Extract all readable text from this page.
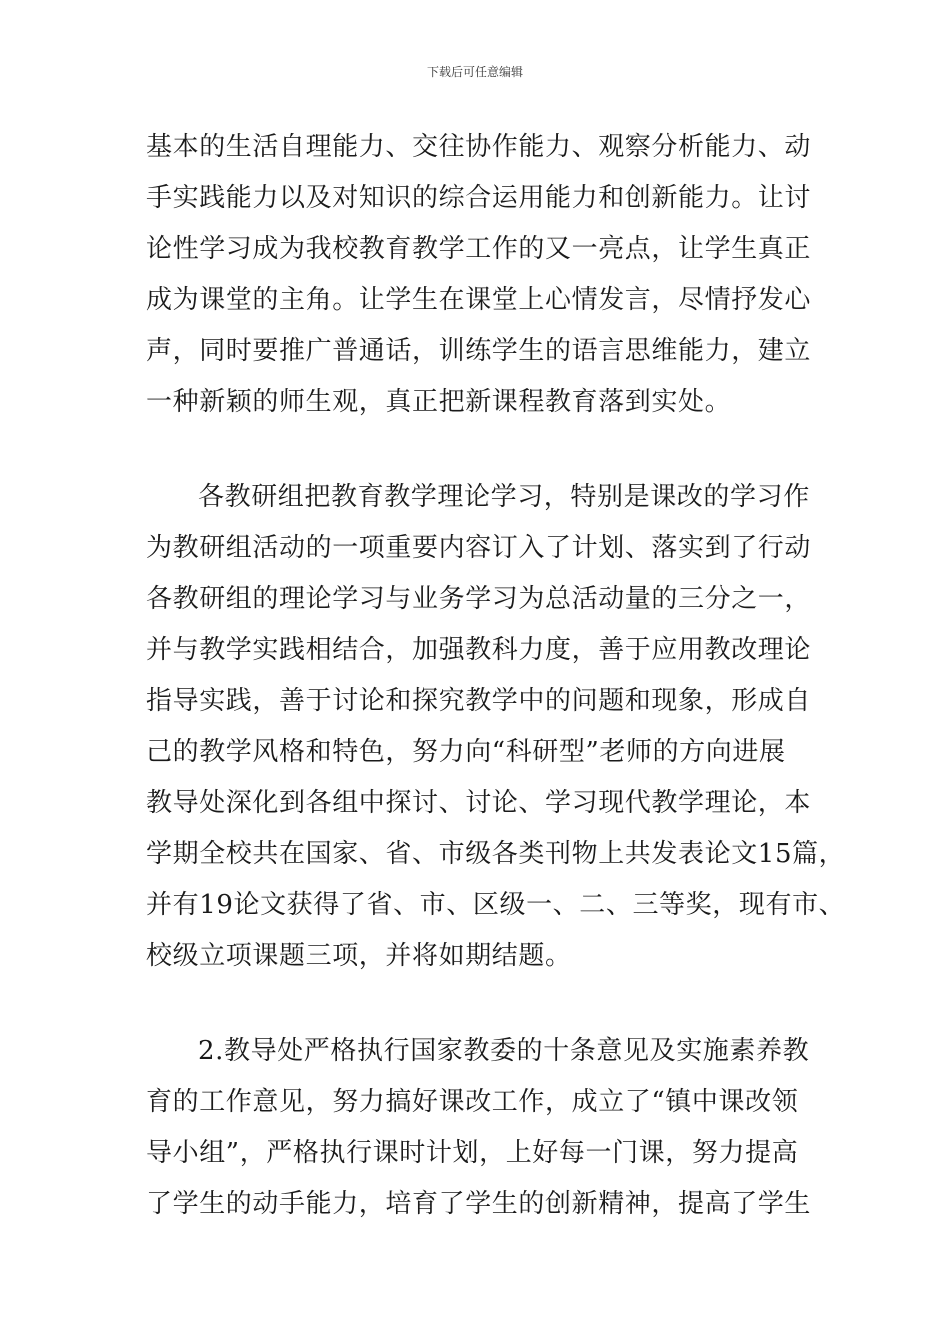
下载后可任意编辑
基本的生活自理能力、交往协作能力、观察分析能力、动
手实践能力以及对知识的综合运用能力和创新能力。让讨
论性学习成为我校教育教学工作的又一亮点，让学生真正
成为课堂的主角。让学生在课堂上心情发言，尽情抒发心
声，同时要推广普通话，训练学生的语言思维能力，建立
一种新颖的师生观，真正把新课程教育落到实处。
各教研组把教育教学理论学习，特别是课改的学习作
为教研组活动的一项重要内容订入了计划、落实到了行动
各教研组的理论学习与业务学习为总活动量的三分之一，
并与教学实践相结合，加强教科力度，善于应用教改理论
指导实践，善于讨论和探究教学中的问题和现象，形成自
己的教学风格和特色，努力向“科研型”老师的方向进展
教导处深化到各组中探讨、讨论、学习现代教学理论，本
学期全校共在国家、省、市级各类刊物上共发表论文15篇，
并有19论文获得了省、市、区级一、二、三等奖，现有市、
校级立项课题三项，并将如期结题。
2.教导处严格执行国家教委的十条意见及实施素养教
育的工作意见，努力搞好课改工作，成立了“镇中课改领
导小组”，严格执行课时计划，上好每一门课，努力提高
了学生的动手能力，培育了学生的创新精神，提高了学生
